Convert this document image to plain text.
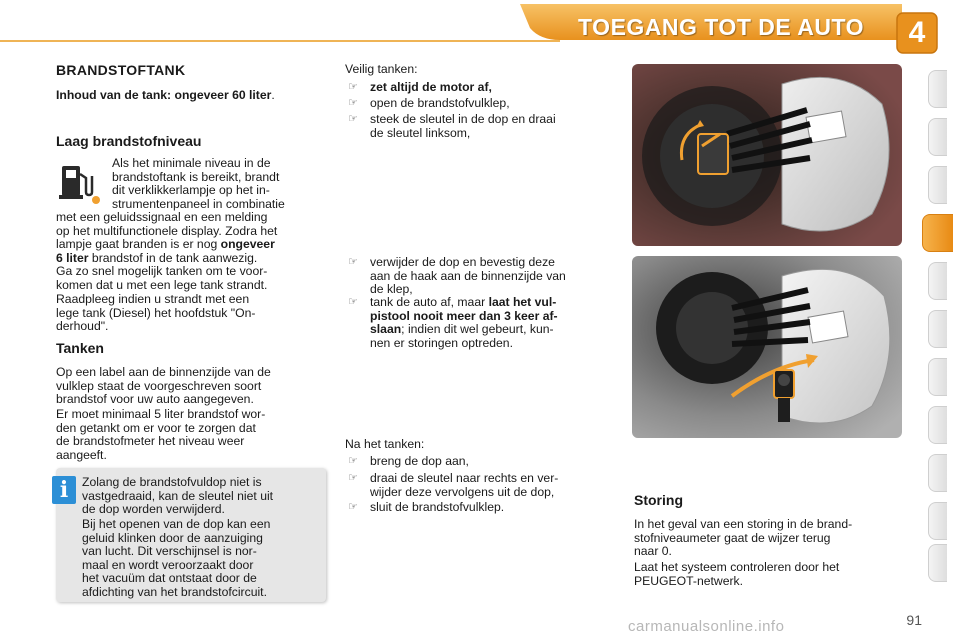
TOEGANG TOT DE AUTO	4
BRANDSTOFTANK
Inhoud van de tank: ongeveer 60 liter.
Laag brandstofniveau
Als het minimale niveau in de
brandstoftank is bereikt, brandt
dit verklikkerlampje op het in-
strumentenpaneel in combinatie
met een geluidssignaal en een melding
op het multifunctionele display. Zodra het
lampje gaat branden is er nog ongeveer
6 liter brandstof in de tank aanwezig.
Ga zo snel mogelijk tanken om te voor-
komen dat u met een lege tank strandt.
Raadpleeg indien u strandt met een
lege tank (Diesel) het hoofdstuk "On-
derhoud".
Tanken
Op een label aan de binnenzijde van de
vulklep staat de voorgeschreven soort
brandstof voor uw auto aangegeven.
Er moet minimaal 5 liter brandstof wor-
den getankt om er voor te zorgen dat
de brandstofmeter het niveau weer
aangeeft.
i	Zolang de brandstofvuldop niet is
vastgedraaid, kan de sleutel niet uit
de dop worden verwijderd.
Bij het openen van de dop kan een
geluid klinken door de aanzuiging
van lucht. Dit verschijnsel is nor-
maal en wordt veroorzaakt door
het vacuüm dat ontstaat door de
afdichting van het brandstofcircuit.
Veilig tanken:
☞ zet altijd de motor af,
☞ open de brandstofvulklep,
☞ steek de sleutel in de dop en draai
de sleutel linksom,
☞ verwijder de dop en bevestig deze
aan de haak aan de binnenzijde van
de klep,
☞ tank de auto af, maar laat het vul-
pistool nooit meer dan 3 keer af-
slaan; indien dit wel gebeurt, kun-
nen er storingen optreden.
Na het tanken:
☞ breng de dop aan,
☞ draai de sleutel naar rechts en ver-
wijder deze vervolgens uit de dop,
☞ sluit de brandstofvulklep.	Storing
In het geval van een storing in de brand-
stofniveaumeter gaat de wijzer terug
naar 0.
Laat het systeem controleren door het
PEUGEOT-netwerk.
91
carmanualsonline.info
